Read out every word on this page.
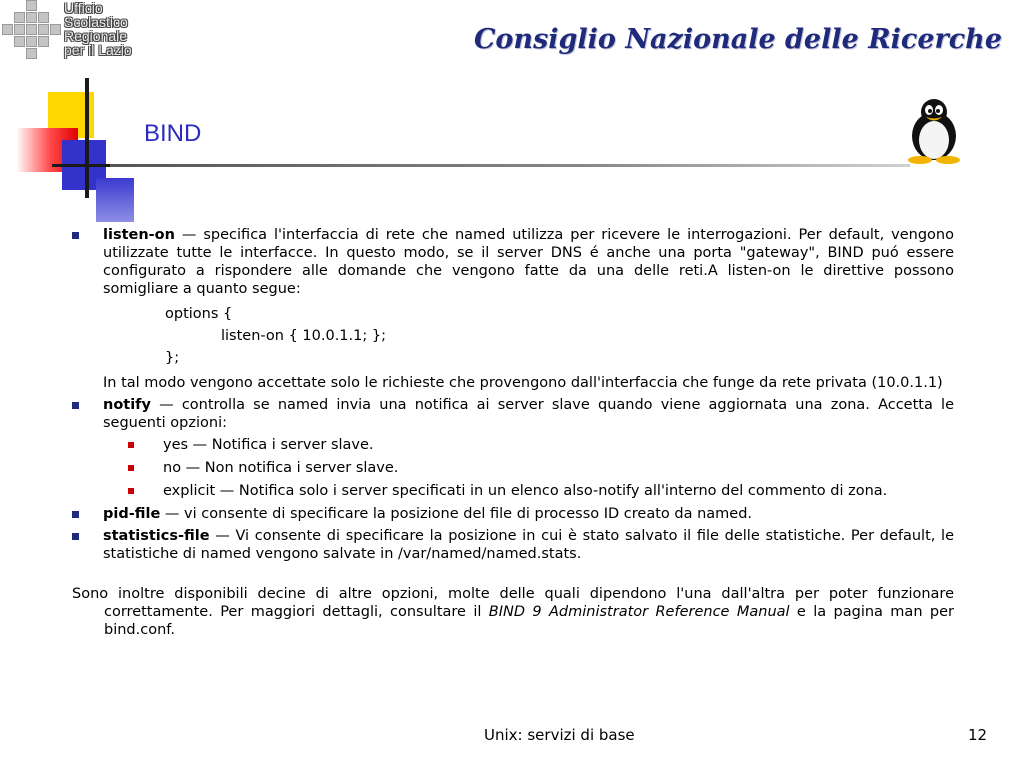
Ufficio
Scolastico
Regionale
per il Lazio	Consiglio Nazionale delle Ricerche
BIND
listen-on — specifica l'interfaccia di rete che named utilizza per ricevere le interrogazioni. Per default, vengono utilizzate tutte le interfacce. In questo modo, se il server DNS é anche una porta "gateway", BIND puó essere configurato a rispondere alle domande che vengono fatte da una delle reti.A listen-on le direttive possono somigliare a quanto segue:
options {
listen-on { 10.0.1.1; };
};
In tal modo vengono accettate solo le richieste che provengono dall'interfaccia che funge da rete privata (10.0.1.1)
notify — controlla se named invia una notifica ai server slave quando viene aggiornata una zona. Accetta le seguenti opzioni:
yes — Notifica i server slave.
no — Non notifica i server slave.
explicit — Notifica solo i server specificati in un elenco also-notify all'interno del commento di zona.
pid-file — vi consente di specificare la posizione del file di processo ID creato da named.
statistics-file — Vi consente di specificare la posizione in cui è stato salvato il file delle statistiche. Per default, le statistiche di named vengono salvate in /var/named/named.stats.
Sono inoltre disponibili decine di altre opzioni, molte delle quali dipendono l'una dall'altra per poter funzionare correttamente. Per maggiori dettagli, consultare il BIND 9 Administrator Reference Manual e la pagina man per bind.conf.
Unix: servizi di base	12
